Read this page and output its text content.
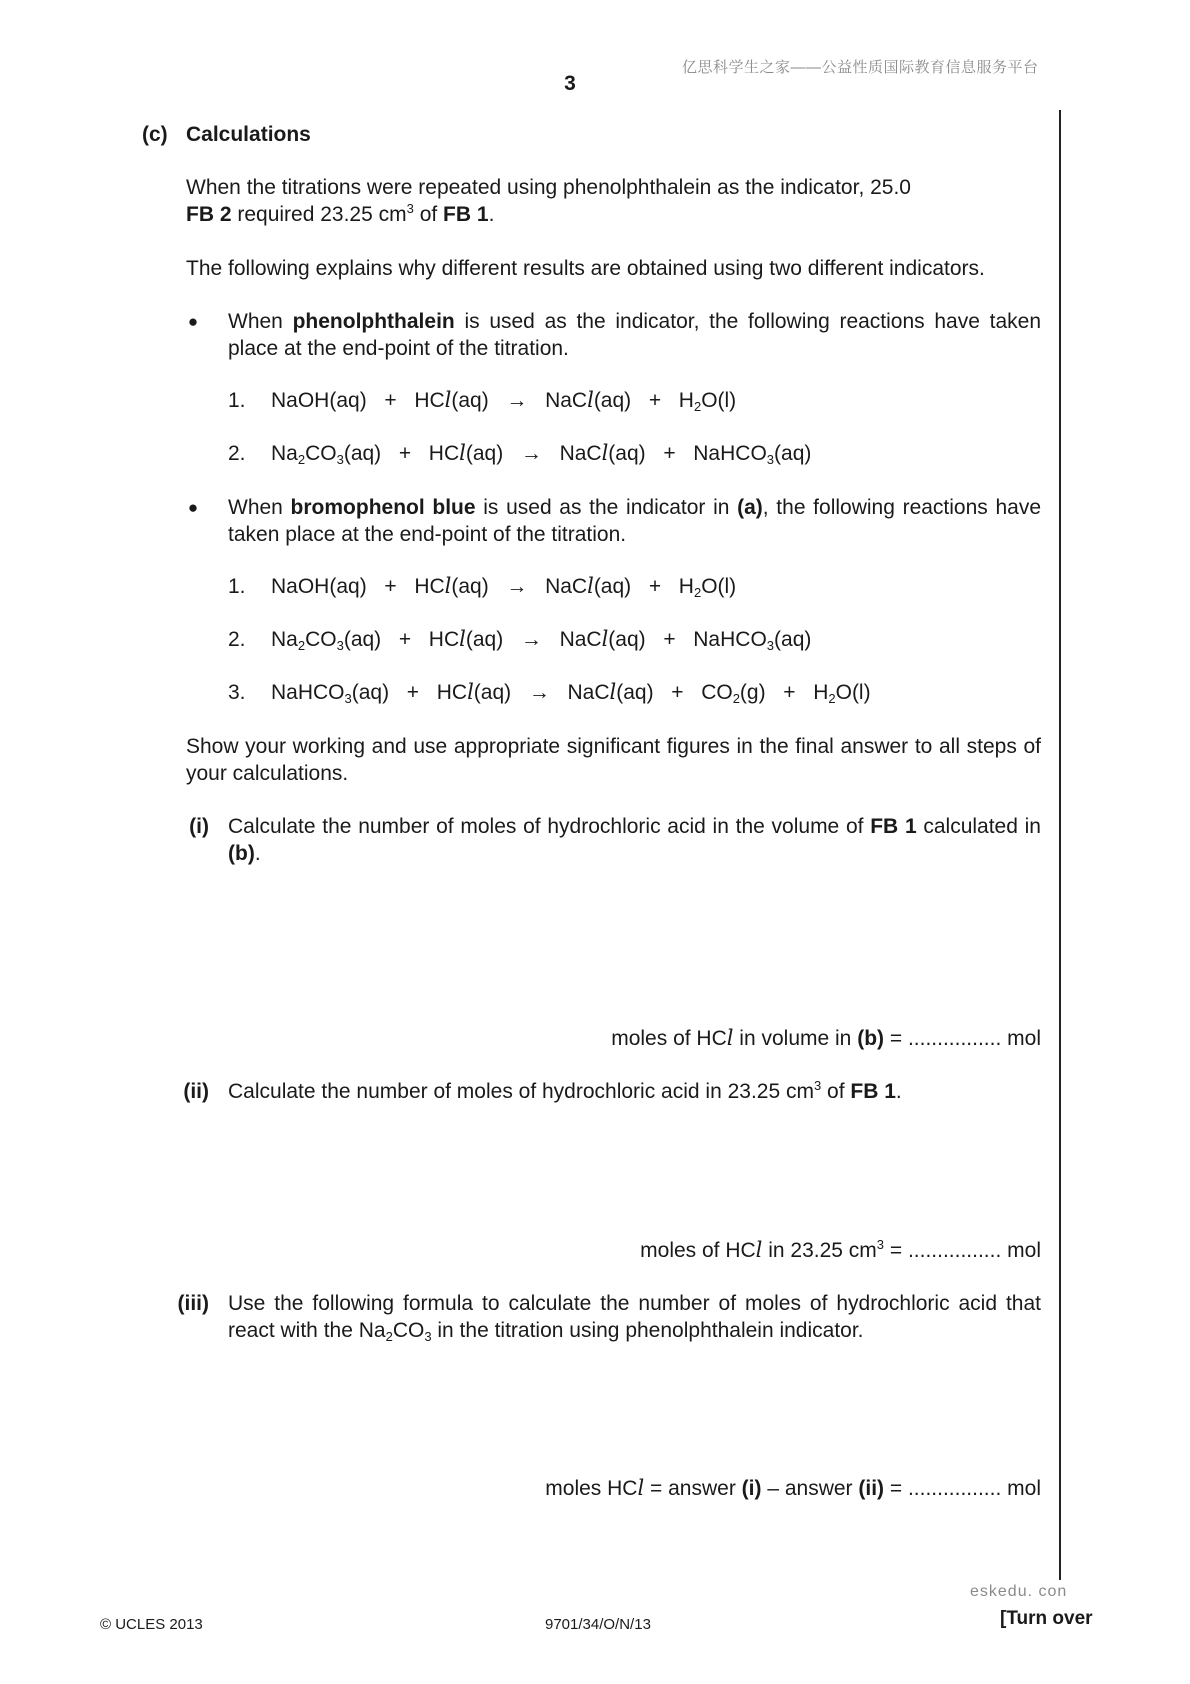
亿思科学生之家——公益性质国际教育信息服务平台
3
(c) Calculations
When the titrations were repeated using phenolphthalein as the indicator, 25.0
FB 2 required 23.25 $cm^3$ of FB 1.
The following explains why different results are obtained using two different indicators.
● When phenolphthalein is used as the indicator, the following reactions have taken place at the end-point of the titration.
1. NaOH(aq) + HCl(aq) → NaCl(aq) + $H_2O(l)$
2. $Na_2CO_3(aq) + HCl(aq)$ → NaCl(aq) + NaHCO$_3$(aq)
● When bromophenol blue is used as the indicator in (a), the following reactions have taken place at the end-point of the titration.
1. NaOH(aq) + HCl(aq) → NaCl(aq) + $H_2O(l)$
2. $Na_2CO_3(aq) + HCl(aq)$ → NaCl(aq) + NaHCO$_3$(aq)
3. NaHCO$_3$(aq) + HCl(aq) → NaCl(aq) + $CO_2(g) + H_2O(l)$
Show your working and use appropriate significant figures in the final answer to all steps of your calculations.
(i) Calculate the number of moles of hydrochloric acid in the volume of FB 1 calculated in (b).
moles of HCl in volume in (b) = ................ mol
(ii) Calculate the number of moles of hydrochloric acid in 23.25 $cm^3$ of FB 1.
moles of HCl in 23.25 $cm^3$ = ................ mol
(iii) Use the following formula to calculate the number of moles of hydrochloric acid that react with the $Na_2CO_3$ in the titration using phenolphthalein indicator.
moles HCl = answer (i) – answer (ii) = ................ mol
eskedu. con
© UCLES 2013	9701/34/O/N/13	[Turn over
